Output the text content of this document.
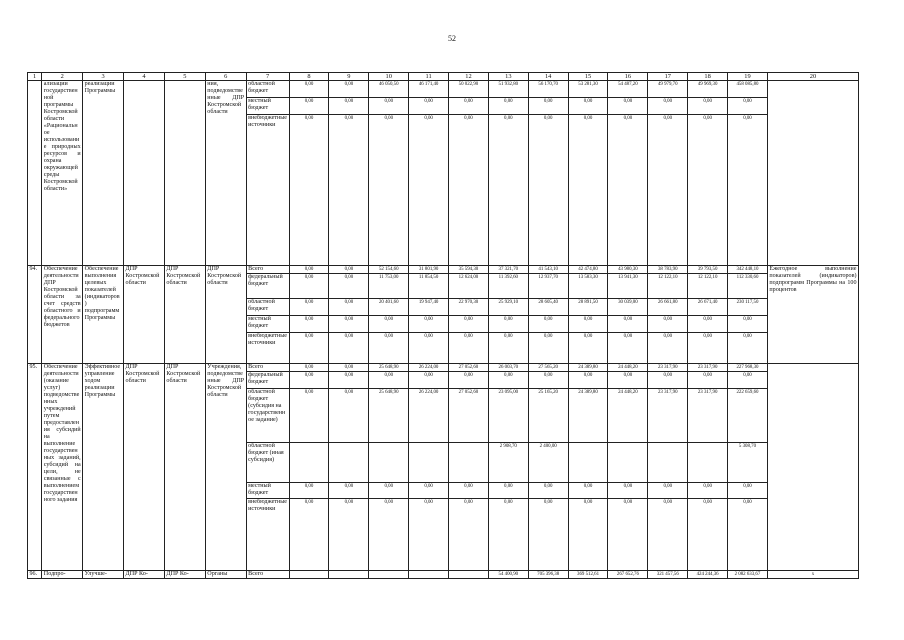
52
1	2	3	4	5	6	7	8	9	10	11	12	13	14	15	16	17	18	19	20
	ализации государственной программы Костромской области «Рациональное использование природных ресурсов и охрана окружающей среды Костромской области»	реализации Программы			ния, подведомственные ДПР Костромской области	областной бюджет	0,00	0,00	46 050,50	46 171,40	50 022,90	51 932,80	56 170,70	53 281,30	54 487,20	49 979,70	49 969,30	458 085,80	
						местный бюджет	0,00	0,00	0,00	0,00	0,00	0,00	0,00	0,00	0,00	0,00	0,00	0,00	
						внебюджетные источники	0,00	0,00	0,00	0,00	0,00	0,00	0,00	0,00	0,00	0,00	0,00	0,00	
94.	Обеспечение деятельности ДПР Костромской области за счет средств областного и федерального бюджетов	Обеспечение выполнения целевых показателей (индикаторов) подпрограмм Программы	ДПР Костромской области	ДПР Костромской области	ДПР Костромской области	Всего	0,00	0,00	52 154,60	31 801,90	35 594,30	37 321,70	41 543,10	42 474,80	43 980,30	38 783,90	39 793,50	342 448,10	Ежегодное выполнение показателей (индикаторов) подпрограмм Программы на 100 процентов
						федеральный бюджет	0,00	0,00	11 753,00	11 854,50	12 624,00	11 392,60	12 937,70	13 583,30	13 941,30	12 122,10	12 122,10	112 330,60	
						областной бюджет	0,00	0,00	20 401,60	19 947,40	22 970,30	25 929,10	28 605,40	28 891,50	30 039,00	26 661,80	26 671,40	230 117,50	
						местный бюджет	0,00	0,00	0,00	0,00	0,00	0,00	0,00	0,00	0,00	0,00	0,00	0,00	
						внебюджетные источники	0,00	0,00	0,00	0,00	0,00	0,00	0,00	0,00	0,00	0,00	0,00	0,00	
95.	Обеспечение деятельности (оказание услуг) подведомственных учреждений путем предоставления субсидий на выполнение государственных заданий, субсидий на цели, не связанные с выполнением государственного задания	Эффективное управление ходом реализации Программы	ДПР Костромской области	ДПР Костромской области	Учреждения, подведомственные ДПР Костромской области	Всего	0,00	0,00	25 648,90	26 224,00	27 052,60	26 003,70	27 565,20	24 389,80	24 448,20	23 317,90	23 317,90	227 968,30	
						федеральный бюджет	0,00	0,00	0,00	0,00	0,00	0,00	0,00	0,00	0,00	0,00	0,00	0,00	
						областной бюджет (субсидия на государственное задание)	0,00	0,00	25 648,90	26 224,00	27 052,60	23 095,00	25 165,20	24 389,80	24 448,20	23 317,90	23 317,90	222 659,60	
						областной бюджет (иная субсидия)						2 908,70	2 400,00					5 308,70	
						местный бюджет	0,00	0,00	0,00	0,00	0,00	0,00	0,00	0,00	0,00	0,00	0,00	0,00	
						внебюджетные источники	0,00	0,00	0,00	0,00	0,00	0,00	0,00	0,00	0,00	0,00	0,00	0,00	
96.	Подпро-	Улучше-	ДПР Ко-	ДПР Ко-	Органы	Всего						54 400,90	705 396,38	369 512,61	267 652,76	321 457,56	424 244,36	2 082 633,67	х
